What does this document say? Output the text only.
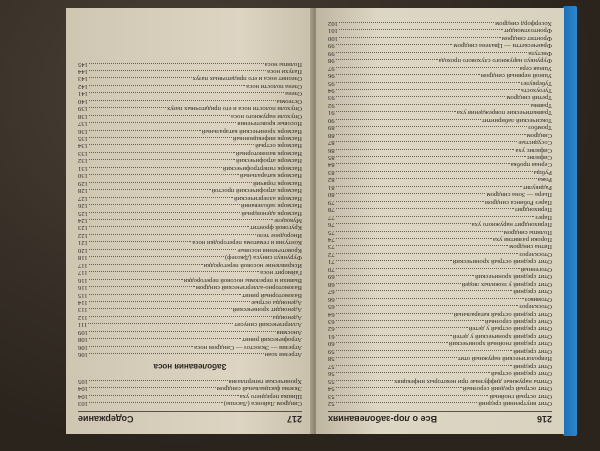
217
Содержание
Синдром Лайонса (Ласеша)
103
Шишка переднего уха
104
Экзема фасциальный синдром
104
Хроническая гиперплазия
105
Заболевания носа
Атрезия хоан
106
Атрезия — Экзостоз — Синдром носа
106
Атрофический ринит
108
Аносмия
109
Аллергический синусит
111
Аденоиды
112
Аденоидит хронический
113
Аденоиды острые
114
Вазомоторный ринит
115
Вазомоторно-аллергический синдром
116
Вывихи и переломы носовой перегородки
116
Гайморит носа
117
Искривление носовой перегородки
117
Фурункул синуса (Джозеф)
118
Кровотечения носовые
120
Контузия и гематома перегородки носа
121
Инородное тело
122
Круговой фронтит
123
Мукоцеле
124
Насморк аденоидный
125
Насморк заболеваний
126
Насморк аллергический
127
Насморк атрофический простой
128
Насморк горячий
129
Насморк катаральный
130
Насморк гипертрофический
131
Насморк атрофический
132
Насморк вазомоторный
133
Насморк острый
134
Насморк инфекционный
135
Насморк хронический катаральный
136
Носовые кровотечения
137
Опухоли наружного носа
138
Опухоли полости носа и его придаточных пазух
139
Остеомы
140
Озена
141
Озена полости носа
142
Озеонит носа и его придаточных пазух
143
Пазухи носа
144
Полипы носа
145
216
Все о лор-заболеваниях
Отит внутренний средний
52
Отит острый гнойный
53
Отит острый средний серозный
54
Отиты наружные диффузные при некоторых инфекциях
55
Отит средний острый
56
Отит средний
57
Неврологический наружный отит
58
Отит средний
59
Отит средний гнойный хронический
60
Отит средний хронический у детей
61
Отит средний острый у детей
62
Отит средний серозный
63
Отит средний острый катаральный
64
Отосклероз
65
Отомикоз
66
Отит средний
67
Отит средний у пожилых людей
68
Отит средний хронический
69
Отогенный
70
Отит средний острый хронический
71
Отосклероз
72
Пятна синдром
73
Пороки развития уха
74
Полипы синдром
75
Перихондрит наружного уха
76
Парез
77
Перихондрит
78
Парез Робинса синдром
79
Пьера — Зона синдром
80
Радикулит
81
Рожа
82
Рубцы
83
Серная пробка
84
Сифилис
85
Сифилис уха
86
Сосудистые
87
Синдром
88
Тромбоз
89
Токсический лабиринтит
90
Травматические повреждения уха
91
Травмы
92
Третий синдром
93
Тугоухость
94
Туберкулез
95
Ушной нервный синдром
96
Ушная сера
97
Фурункул наружного слухового прохода
98
Фистула
99
Франческетти — Цвалена синдром
99
Фронтит синдром
100
Фронтоэтмоидит
101
Хосерфорд синдром
102
